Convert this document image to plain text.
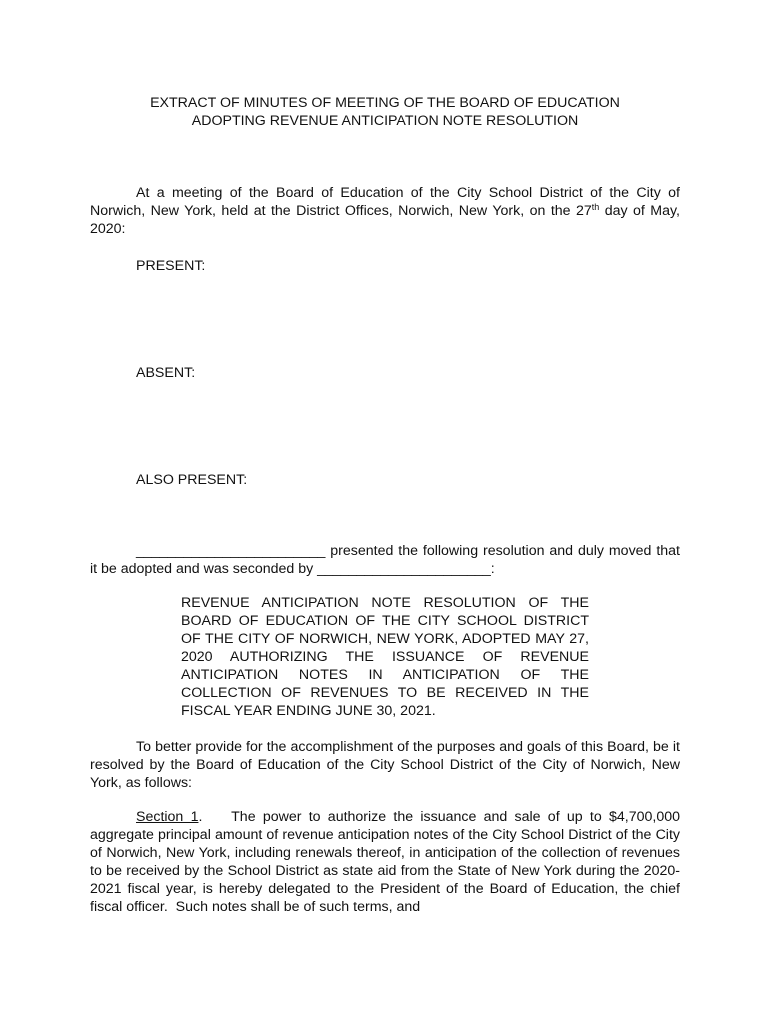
EXTRACT OF MINUTES OF MEETING OF THE BOARD OF EDUCATION
ADOPTING REVENUE ANTICIPATION NOTE RESOLUTION

At a meeting of the Board of Education of the City School District of the City of Norwich, New York, held at the District Offices, Norwich, New York, on the 27th day of May, 2020:

PRESENT:

ABSENT:

ALSO PRESENT:

________________________ presented the following resolution and duly moved that it be adopted and was seconded by ______________________:

REVENUE ANTICIPATION NOTE RESOLUTION OF THE BOARD OF EDUCATION OF THE CITY SCHOOL DISTRICT OF THE CITY OF NORWICH, NEW YORK, ADOPTED MAY 27, 2020 AUTHORIZING THE ISSUANCE OF REVENUE ANTICIPATION NOTES IN ANTICIPATION OF THE COLLECTION OF REVENUES TO BE RECEIVED IN THE FISCAL YEAR ENDING JUNE 30, 2021.

To better provide for the accomplishment of the purposes and goals of this Board, be it resolved by the Board of Education of the City School District of the City of Norwich, New York, as follows:

Section 1.    The power to authorize the issuance and sale of up to $4,700,000 aggregate principal amount of revenue anticipation notes of the City School District of the City of Norwich, New York, including renewals thereof, in anticipation of the collection of revenues to be received by the School District as state aid from the State of New York during the 2020-2021 fiscal year, is hereby delegated to the President of the Board of Education, the chief fiscal officer.  Such notes shall be of such terms, and
